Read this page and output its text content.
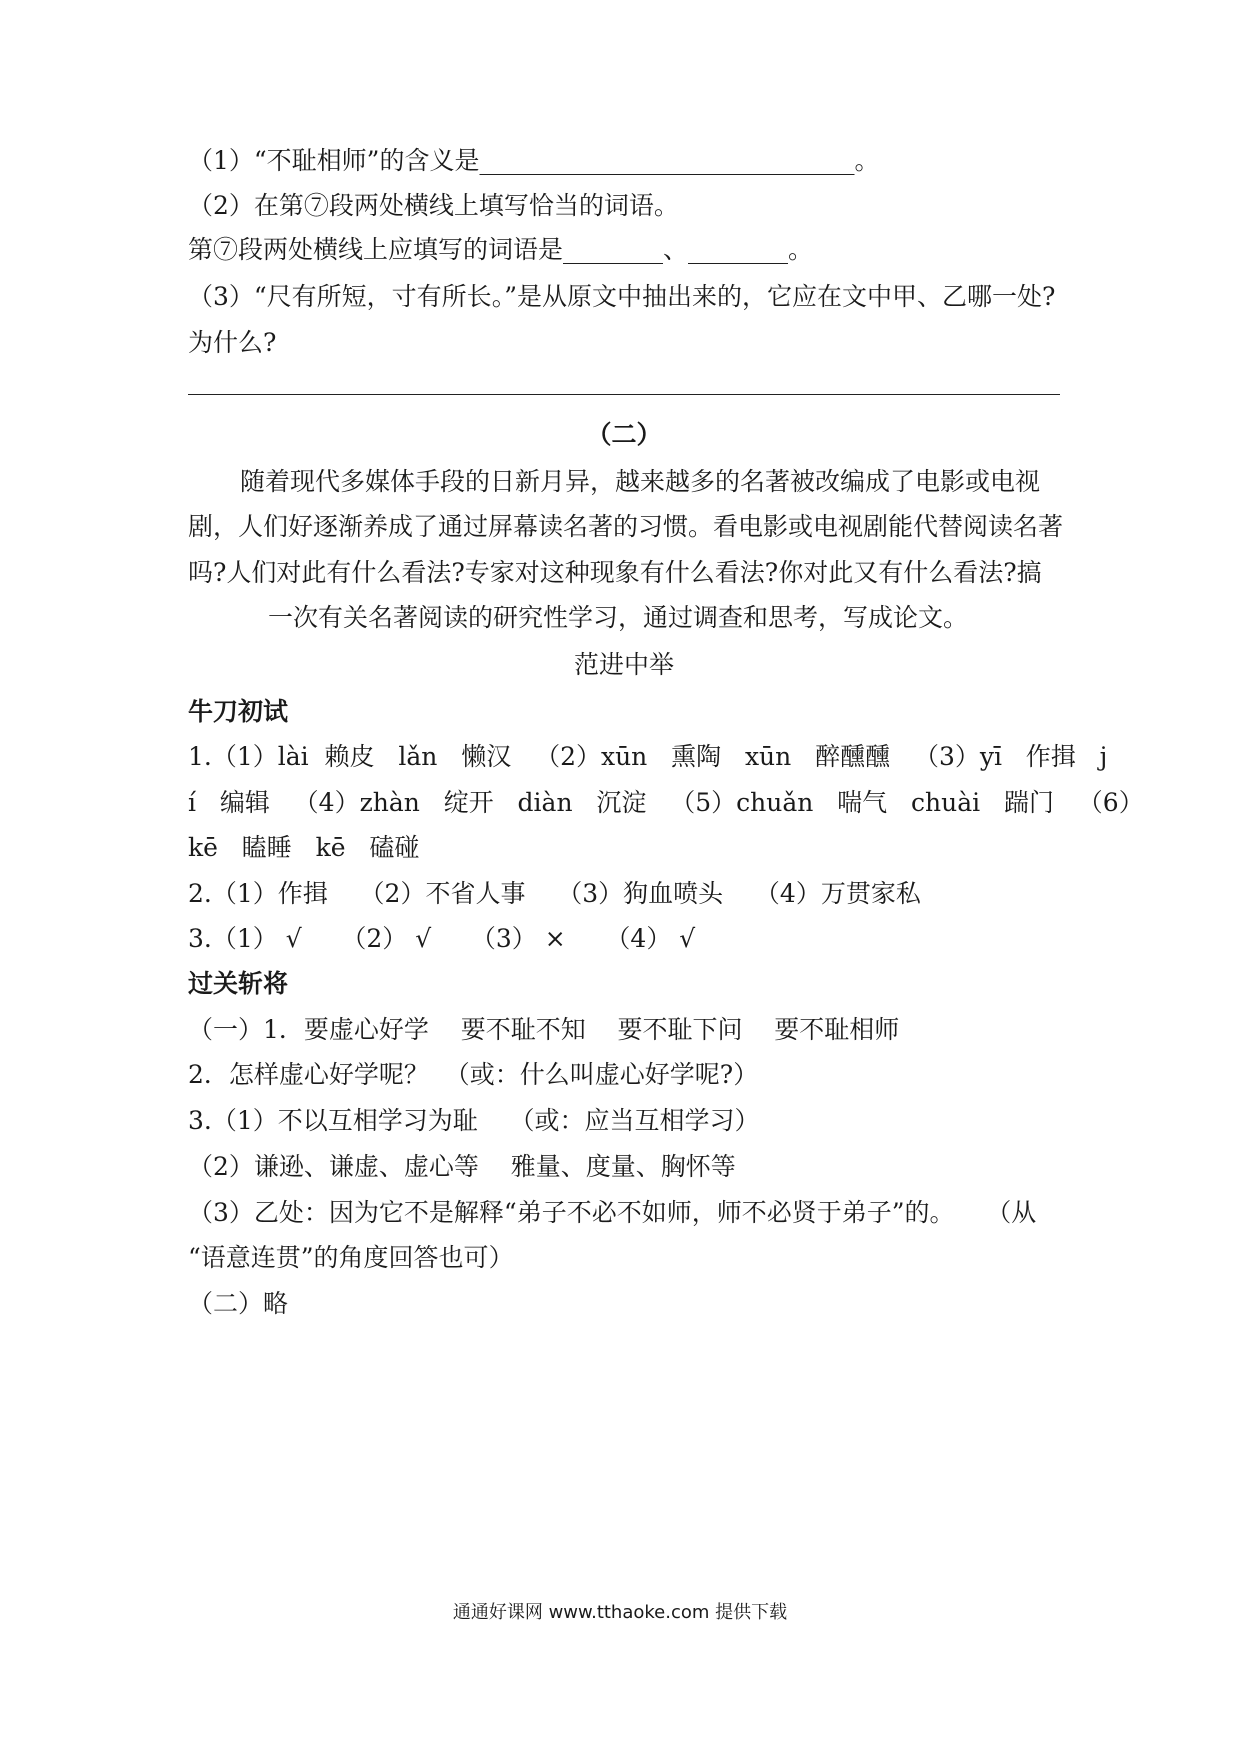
（1）“不耻相师”的含义是______________________________。
（2）在第⑦段两处横线上填写恰当的词语。
第⑦段两处横线上应填写的词语是________、________。
（3）“尺有所短，寸有所长。”是从原文中抽出来的，它应在文中甲、乙哪一处?
为什么?
（二）
随着现代多媒体手段的日新月异，越来越多的名著被改编成了电影或电视
剧，人们好逐渐养成了通过屏幕读名著的习惯。看电影或电视剧能代替阅读名著
吗?人们对此有什么看法?专家对这种现象有什么看法?你对此又有什么看法?搞
一次有关名著阅读的研究性学习，通过调查和思考，写成论文。
范进中举
牛刀初试
1.（1）lài  赖皮   lǎn   懒汉   （2）xūn   熏陶   xūn   醉醺醺   （3）yī   作揖   j
í   编辑   （4）zhàn   绽开   diàn   沉淀   （5）chuǎn   喘气   chuài   踹门   （6）
kē   瞌睡   kē   磕碰
2.（1）作揖    （2）不省人事    （3）狗血喷头    （4）万贯家私
3.（1） √     （2） √     （3） ×     （4） √
过关斩将
（一）1．要虚心好学    要不耻不知    要不耻下问    要不耻相师
2．怎样虚心好学呢？  （或：什么叫虚心好学呢?）
3.（1）不以互相学习为耻    （或：应当互相学习）
（2）谦逊、谦虚、虚心等    雅量、度量、胸怀等
（3）乙处：因为它不是解释“弟子不必不如师，师不必贤于弟子”的。    （从
“语意连贯”的角度回答也可）
（二）略
通通好课网 www.tthaoke.com 提供下载
